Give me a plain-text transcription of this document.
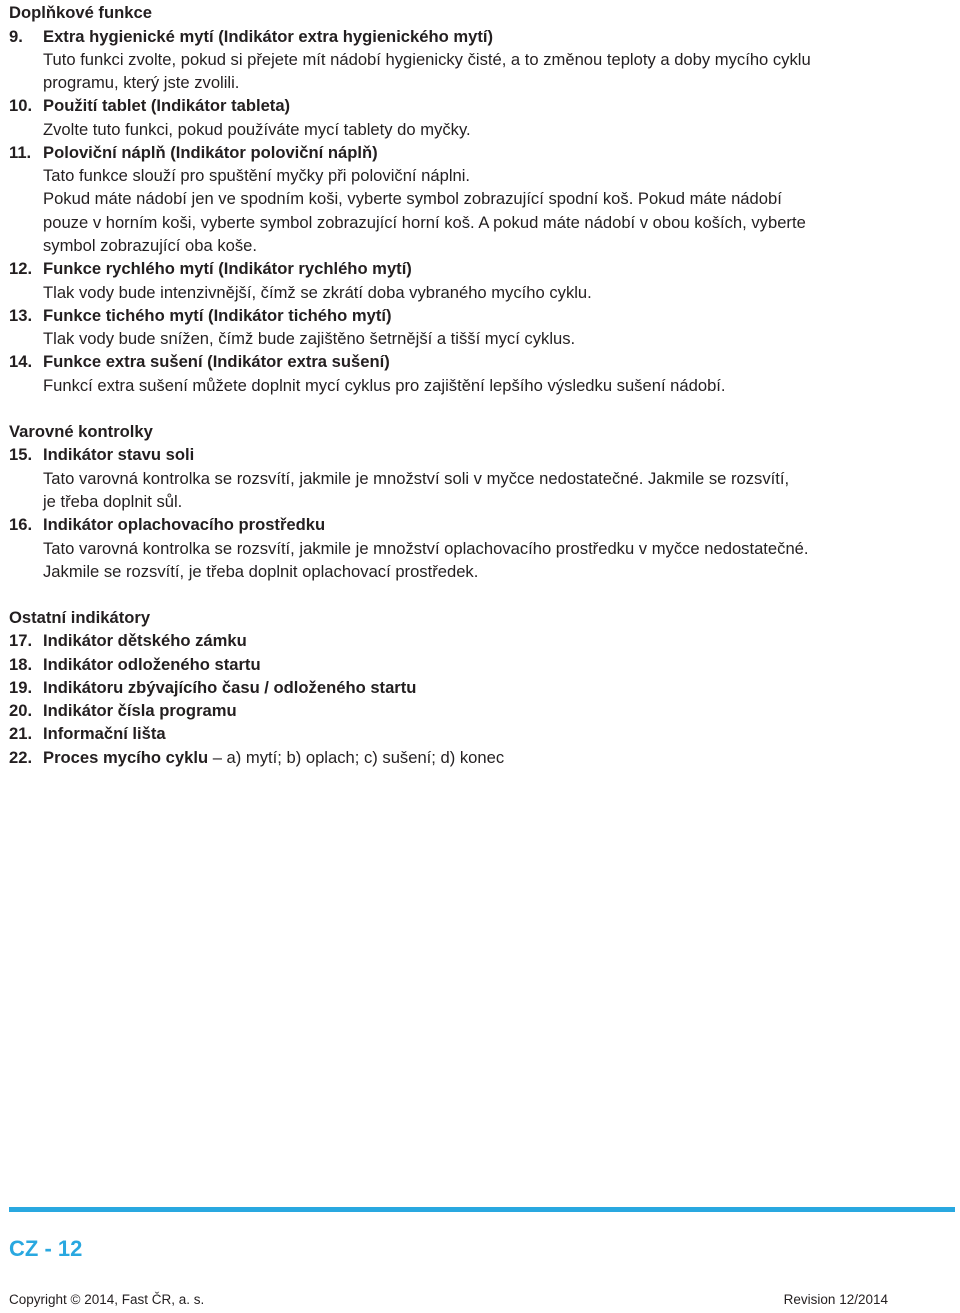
Doplňkové funkce
9. Extra hygienické mytí (Indikátor extra hygienického mytí)
Tuto funkci zvolte, pokud si přejete mít nádobí hygienicky čisté, a to změnou teploty a doby mycího cyklu
programu, který jste zvolili.
10. Použití tablet (Indikátor tableta)
Zvolte tuto funkci, pokud používáte mycí tablety do myčky.
11. Poloviční náplň (Indikátor poloviční náplň)
Tato funkce slouží pro spuštění myčky při poloviční náplni.
Pokud máte nádobí jen ve spodním koši, vyberte symbol zobrazující spodní koš. Pokud máte nádobí
pouze v horním koši, vyberte symbol zobrazující horní koš. A pokud máte nádobí v obou koších, vyberte
symbol zobrazující oba koše.
12. Funkce rychlého mytí (Indikátor rychlého mytí)
Tlak vody bude intenzivnější, čímž se zkrátí doba vybraného mycího cyklu.
13. Funkce tichého mytí (Indikátor tichého mytí)
Tlak vody bude snížen, čímž bude zajištěno šetrnější a tišší mycí cyklus.
14. Funkce extra sušení (Indikátor extra sušení)
Funkcí extra sušení můžete doplnit mycí cyklus pro zajištění lepšího výsledku sušení nádobí.
Varovné kontrolky
15. Indikátor stavu soli
Tato varovná kontrolka se rozsvítí, jakmile je množství soli v myčce nedostatečné. Jakmile se rozsvítí,
je třeba doplnit sůl.
16. Indikátor oplachovacího prostředku
Tato varovná kontrolka se rozsvítí, jakmile je množství oplachovacího prostředku v myčce nedostatečné.
Jakmile se rozsvítí, je třeba doplnit oplachovací prostředek.
Ostatní indikátory
17. Indikátor dětského zámku
18. Indikátor odloženého startu
19. Indikátoru zbývajícího času / odloženého startu
20. Indikátor čísla programu
21. Informační lišta
22. Proces mycího cyklu – a) mytí; b) oplach; c) sušení; d) konec
CZ - 12
Copyright © 2014, Fast ČR, a. s.	Revision 12/2014
